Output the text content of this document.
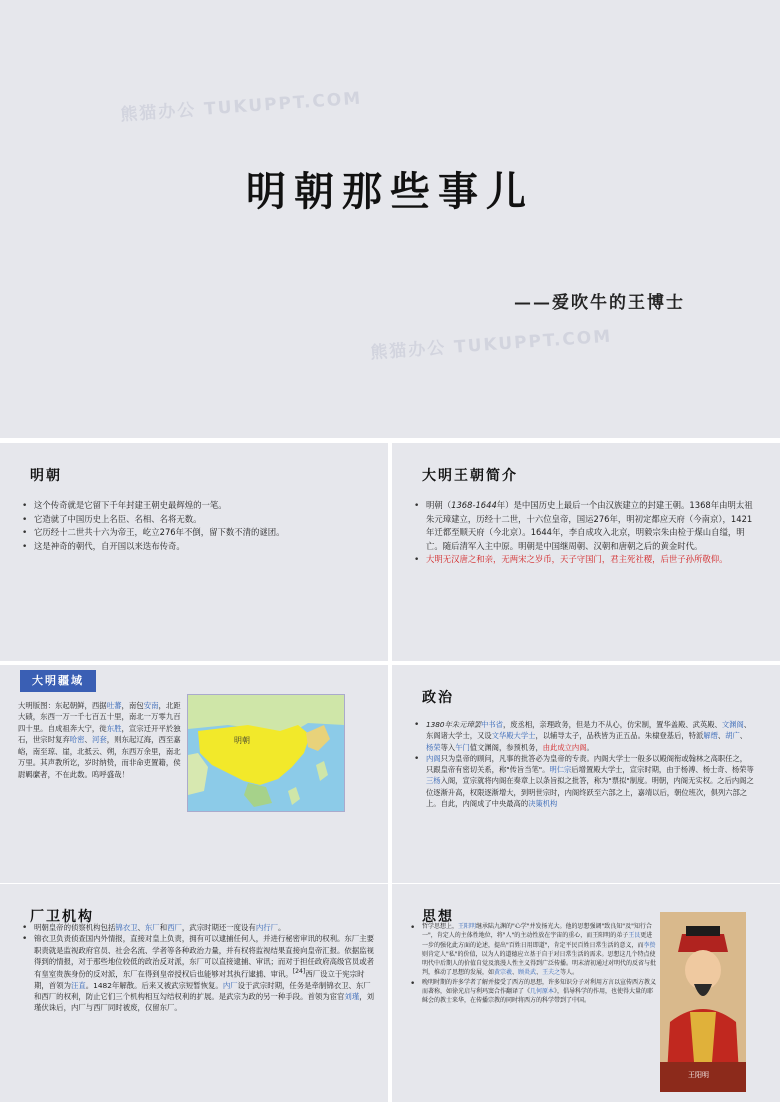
熊猫办公 TUKUPPT.COM
熊猫办公 TUKUPPT.COM
明朝那些事儿
——爱吹牛的王博士
明朝
• 这个传奇就是它留下千年封建王朝史最辉煌的一笔。
• 它造就了中国历史上名臣、名相、名将无数。
• 它历经十二世共十六为帝王，屹立276年不倒，留下数不清的谜团。
• 这是神奇的朝代，自开国以来迭布传奇。
大明王朝简介
• 明朝（1368-1644年）是中国历史上最后一个由汉族建立的封建王朝。1368年由明太祖朱元璋建立，历经十二世，十六位皇帝，国运276年，明初定都应天府（今南京），1421年迁都至顺天府（今北京）。1644年，李自成攻入北京，明毅宗朱由检于煤山自缢，明亡。随后清军入主中原。明朝是中国继周朝、汉朝和唐朝之后的黄金时代。
• 大明无汉唐之和亲，无两宋之岁币，天子守国门，君主死社稷，后世子孙所敬仰。
大明疆域
大明版图：东起朝鲜，西据吐蕃，南包安南，北距大碛，东西一万一千七百五十里，南北一万零九百四十里。自成祖奔大宁，徙东胜，宣宗迁开平於独石，世宗时复弃哈密、河套，则东起辽海，西至嘉峪，南至琼、崖，北抵云、朔，东西万余里，南北万里。其声教所讫，岁时纳贽，而非命吏置籍，侯尉羁縻者，不在此数。呜呼盛哉！
明朝
政治
• 1380年朱元璋罢中书省，废丞相，亲理政务，但是力不从心，仿宋制，置华盖殿、武英殿、文渊阁、东阁诸大学士，又设文华殿大学士，以辅导太子，品秩皆为正五品。朱棣登基后，特派解缙、胡广、杨荣等入午门值文渊阁，参预机务，由此成立内阁。
• 内阁只为皇帝的顾问，凡事的批答必为皇帝的专责。内阁大学士一般多以殿阁衔或翰林之高职任之，只跟皇帝有密切关系，称"传旨当笔"。明仁宗后增置殿大学士，宣宗时期，由于杨溥、杨士奇、杨荣等三杨入阁，宣宗就将内阁在奏章上以条旨拟之批答，称为"票拟"制度。明朝，内阁无实权。之后内阁之位逐渐升高，权限逐渐增大，到明世宗时，内阁终跃至六部之上，嘉靖以后，朝位班次，俱列六部之上。自此，内阁成了中央最高的决策机构
厂卫机构
• 明朝皇帝的侦察机构包括锦衣卫、东厂和西厂，武宗时期还一度设有内行厂。
• 锦衣卫负责侦查国内外情报，直接对皇上负责，拥有可以逮捕任何人，并进行秘密审讯的权利。东厂主要职责就是监视政府官员、社会名流、学者等各种政治力量，并有权将监视结果直接向皇帝汇报。依据监视得到的情报，对于那些地位较低的政治反对派，东厂可以直接逮捕、审讯；而对于担任政府高级官员或者有皇室贵族身份的反对派，东厂在得到皇帝授权后也能够对其执行逮捕、审讯。[24]西厂设立于宪宗时期，首领为汪直。1482年解散。后来又被武宗短暂恢复。内厂设于武宗时期，任务是牵制锦衣卫、东厂和西厂的权利，防止它们三个机构相互勾结权利的扩展。是武宗为政的另一种手段。首领为宦官刘瑾，刘瑾伏诛后，内厂与西厂同时被废，仅留东厂。
思想
• 哲学思想上，王阳明继承陆九渊的"心学"并发扬光大。他的思想强调"致良知"及"知行合一"，肯定人的主体性地位，将"人"的主动性放在宇宙的重心，而王阳明的弟子王艮更进一步的强化此方面的论述，提出"百姓日用即道"，肯定平民百姓日常生活的意义，而李贽则肯定人"私"的价值，以为人的道德应立基于自于对日常生活的需求。思想这几个特点使明代中后期人的价值自觉及浪漫人性主义得到广泛传播。明末清初通过对明代的反省与批判，推动了思想的发展，如黄宗羲、顾炎武、王夫之等人。
• 晚明时期的许多学者了解并接受了西方的思想，许多知识分子对利用方言以宣传西方教义而著称，如徐光启与利玛窦合作翻译了《几何原本》，倡导科学的作用，也使得大量的耶稣会的教士来华，在传播宗教的同时将西方的科学带到了中国。
王阳明
